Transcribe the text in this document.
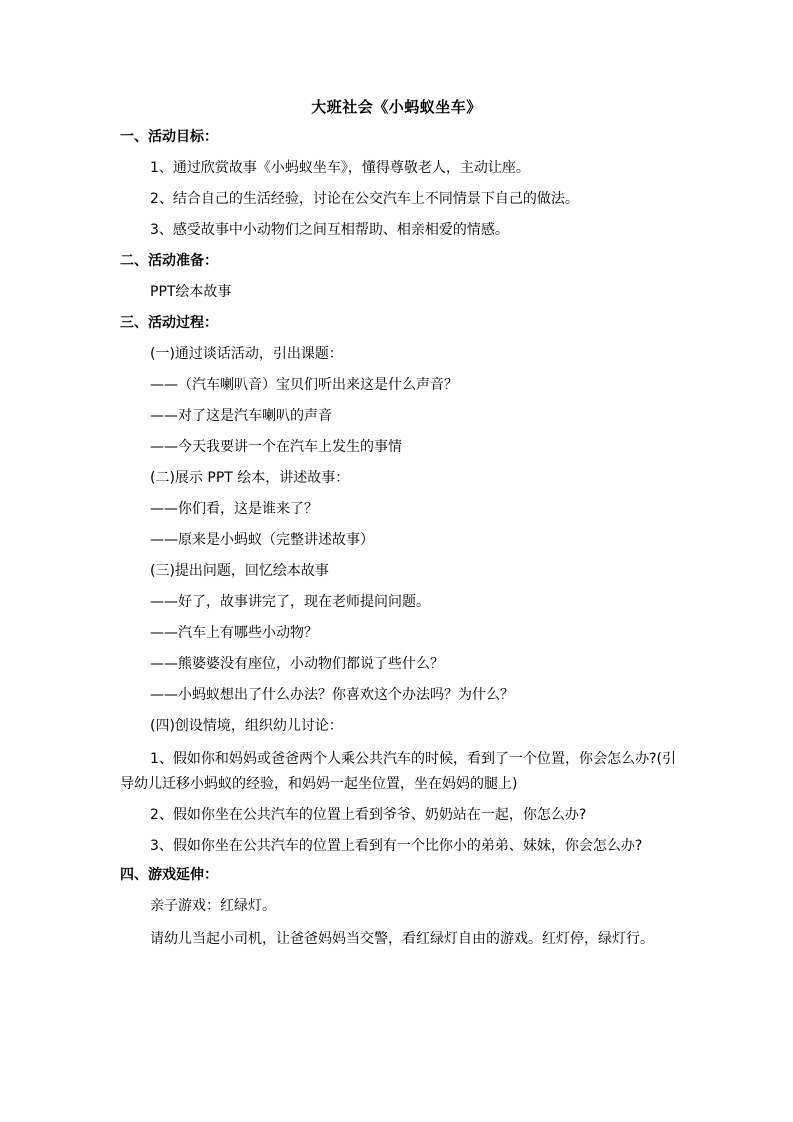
大班社会《小蚂蚁坐车》
一、活动目标：
1、通过欣赏故事《小蚂蚁坐车》，懂得尊敬老人，主动让座。
2、结合自己的生活经验，讨论在公交汽车上不同情景下自己的做法。
3、感受故事中小动物们之间互相帮助、相亲相爱的情感。
二、活动准备：
PPT绘本故事
三、活动过程：
(一)通过谈话活动，引出课题：
——（汽车喇叭音）宝贝们听出来这是什么声音？
——对了这是汽车喇叭的声音
——今天我要讲一个在汽车上发生的事情
(二)展示 PPT 绘本，讲述故事：
——你们看，这是谁来了？
——原来是小蚂蚁（完整讲述故事）
(三)提出问题，回忆绘本故事
——好了，故事讲完了，现在老师提问问题。
——汽车上有哪些小动物？
——熊婆婆没有座位，小动物们都说了些什么？
——小蚂蚁想出了什么办法？你喜欢这个办法吗？为什么？
(四)创设情境，组织幼儿讨论：
1、假如你和妈妈或爸爸两个人乘公共汽车的时候，看到了一个位置，你会怎么办?(引导幼儿迁移小蚂蚁的经验，和妈妈一起坐位置，坐在妈妈的腿上)
2、假如你坐在公共汽车的位置上看到爷爷、奶奶站在一起，你怎么办?
3、假如你坐在公共汽车的位置上看到有一个比你小的弟弟、妹妹，你会怎么办?
四、游戏延伸：
亲子游戏：红绿灯。
请幼儿当起小司机，让爸爸妈妈当交警，看红绿灯自由的游戏。红灯停，绿灯行。
